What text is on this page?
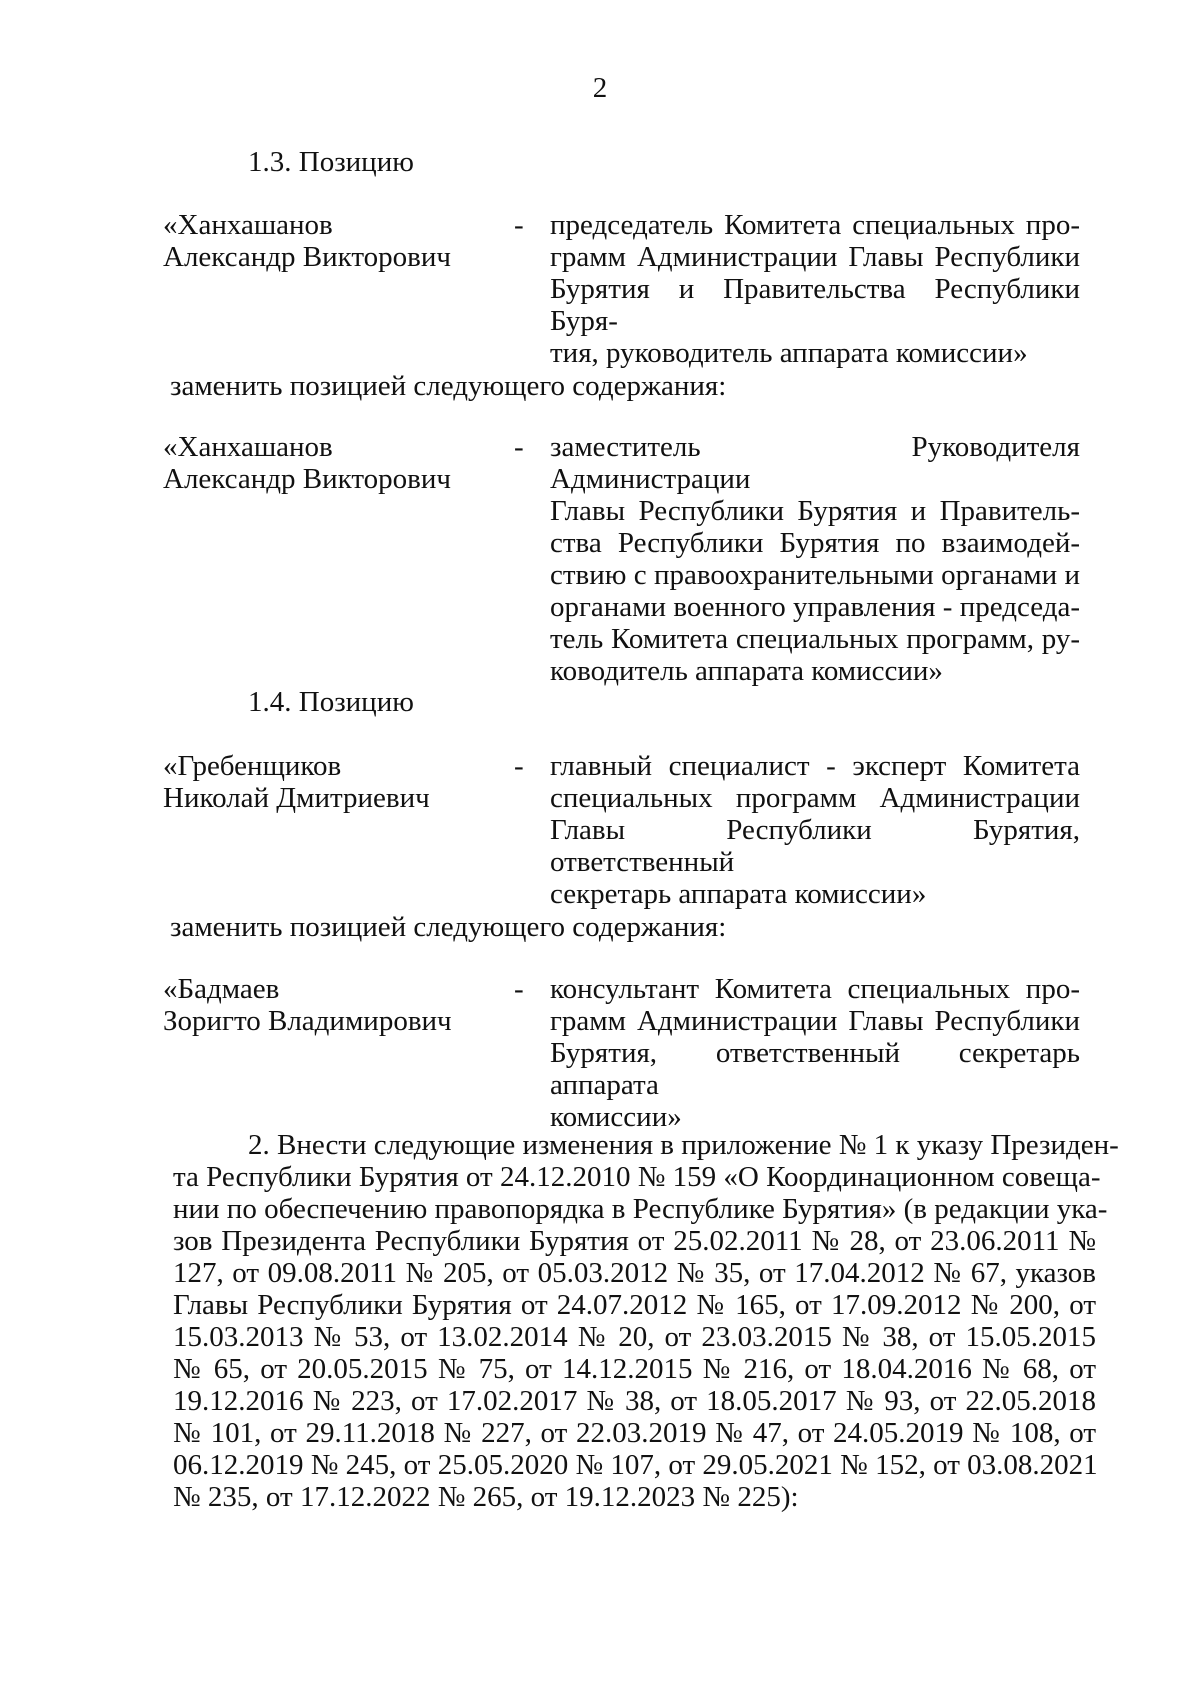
2
1.3. Позицию
«Ханхашанов
Александр Викторович
- председатель Комитета специальных про-
грамм Администрации Главы Республики
Бурятия и Правительства Республики Буря-
тия, руководитель аппарата комиссии»
заменить позицией следующего содержания:
«Ханхашанов
Александр Викторович
- заместитель Руководителя Администрации
Главы Республики Бурятия и Правитель-
ства Республики Бурятия по взаимодей-
ствию с правоохранительными органами и
органами военного управления - председа-
тель Комитета специальных программ, ру-
ководитель аппарата комиссии»
1.4. Позицию
«Гребенщиков
Николай Дмитриевич
- главный специалист - эксперт Комитета
специальных программ Администрации
Главы Республики Бурятия, ответственный
секретарь аппарата комиссии»
заменить позицией следующего содержания:
«Бадмаев
Зоригто Владимирович
- консультант Комитета специальных про-
грамм Администрации Главы Республики
Бурятия, ответственный секретарь аппарата
комиссии»
2. Внести следующие изменения в приложение № 1 к указу Президен-
та Республики Бурятия от 24.12.2010 № 159 «О Координационном совеща-
нии по обеспечению правопорядка в Республике Бурятия» (в редакции ука-
зов Президента Республики Бурятия от 25.02.2011 № 28, от 23.06.2011 №
127, от 09.08.2011 № 205, от 05.03.2012 № 35, от 17.04.2012 № 67, указов
Главы Республики Бурятия от 24.07.2012 № 165, от 17.09.2012 № 200, от
15.03.2013 № 53, от 13.02.2014 № 20, от 23.03.2015 № 38, от 15.05.2015
№ 65, от 20.05.2015 № 75, от 14.12.2015 № 216, от 18.04.2016 № 68, от
19.12.2016 № 223, от 17.02.2017 № 38, от 18.05.2017 № 93, от 22.05.2018
№ 101, от 29.11.2018 № 227, от 22.03.2019 № 47, от 24.05.2019 № 108, от
06.12.2019 № 245, от 25.05.2020 № 107, от 29.05.2021 № 152, от 03.08.2021
№ 235, от 17.12.2022 № 265, от 19.12.2023 № 225):
